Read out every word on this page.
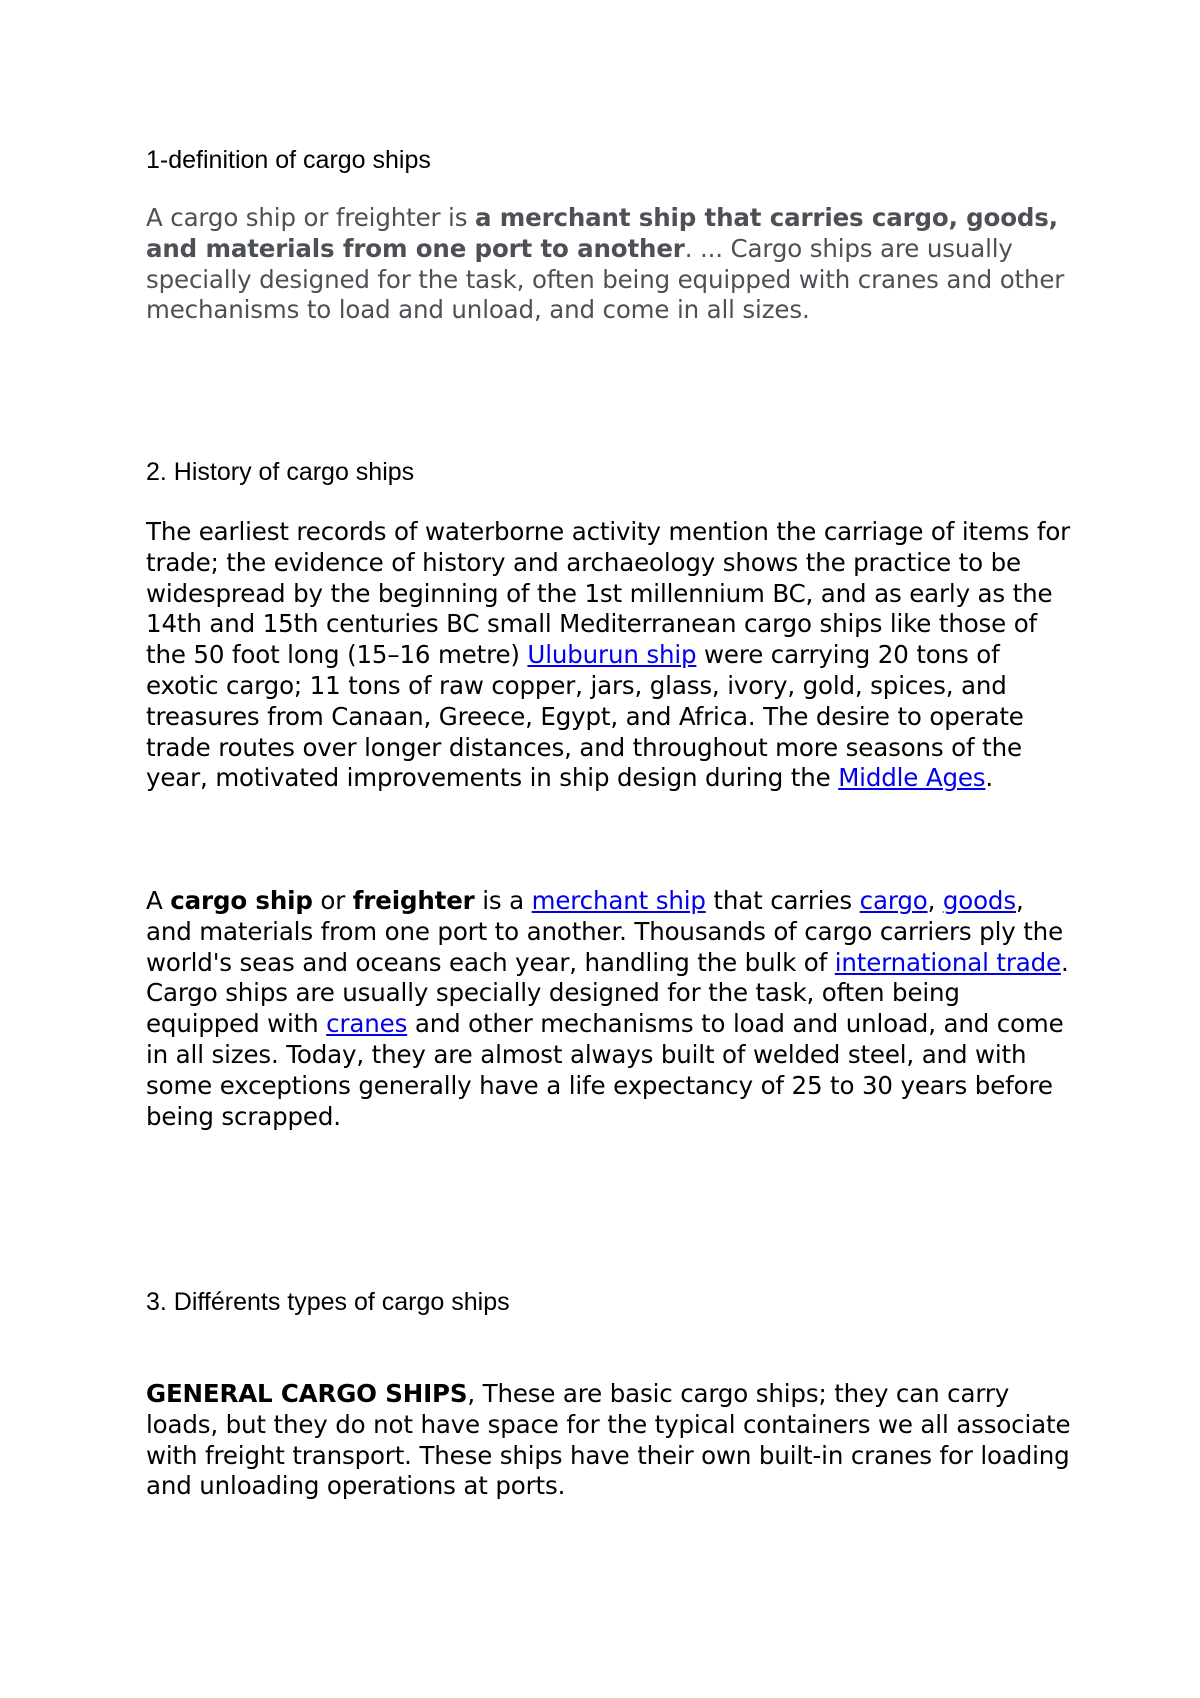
1-definition of cargo ships

A cargo ship or freighter is a merchant ship that carries cargo, goods, and materials from one port to another. ... Cargo ships are usually specially designed for the task, often being equipped with cranes and other mechanisms to load and unload, and come in all sizes.

2. History of cargo ships

The earliest records of waterborne activity mention the carriage of items for trade; the evidence of history and archaeology shows the practice to be widespread by the beginning of the 1st millennium BC, and as early as the 14th and 15th centuries BC small Mediterranean cargo ships like those of the 50 foot long (15–16 metre) Uluburun ship were carrying 20 tons of exotic cargo; 11 tons of raw copper, jars, glass, ivory, gold, spices, and treasures from Canaan, Greece, Egypt, and Africa. The desire to operate trade routes over longer distances, and throughout more seasons of the year, motivated improvements in ship design during the Middle Ages.

A cargo ship or freighter is a merchant ship that carries cargo, goods, and materials from one port to another. Thousands of cargo carriers ply the world's seas and oceans each year, handling the bulk of international trade. Cargo ships are usually specially designed for the task, often being equipped with cranes and other mechanisms to load and unload, and come in all sizes. Today, they are almost always built of welded steel, and with some exceptions generally have a life expectancy of 25 to 30 years before being scrapped.

3. Différents types of cargo ships

GENERAL CARGO SHIPS, These are basic cargo ships; they can carry loads, but they do not have space for the typical containers we all associate with freight transport. These ships have their own built-in cranes for loading and unloading operations at ports.
